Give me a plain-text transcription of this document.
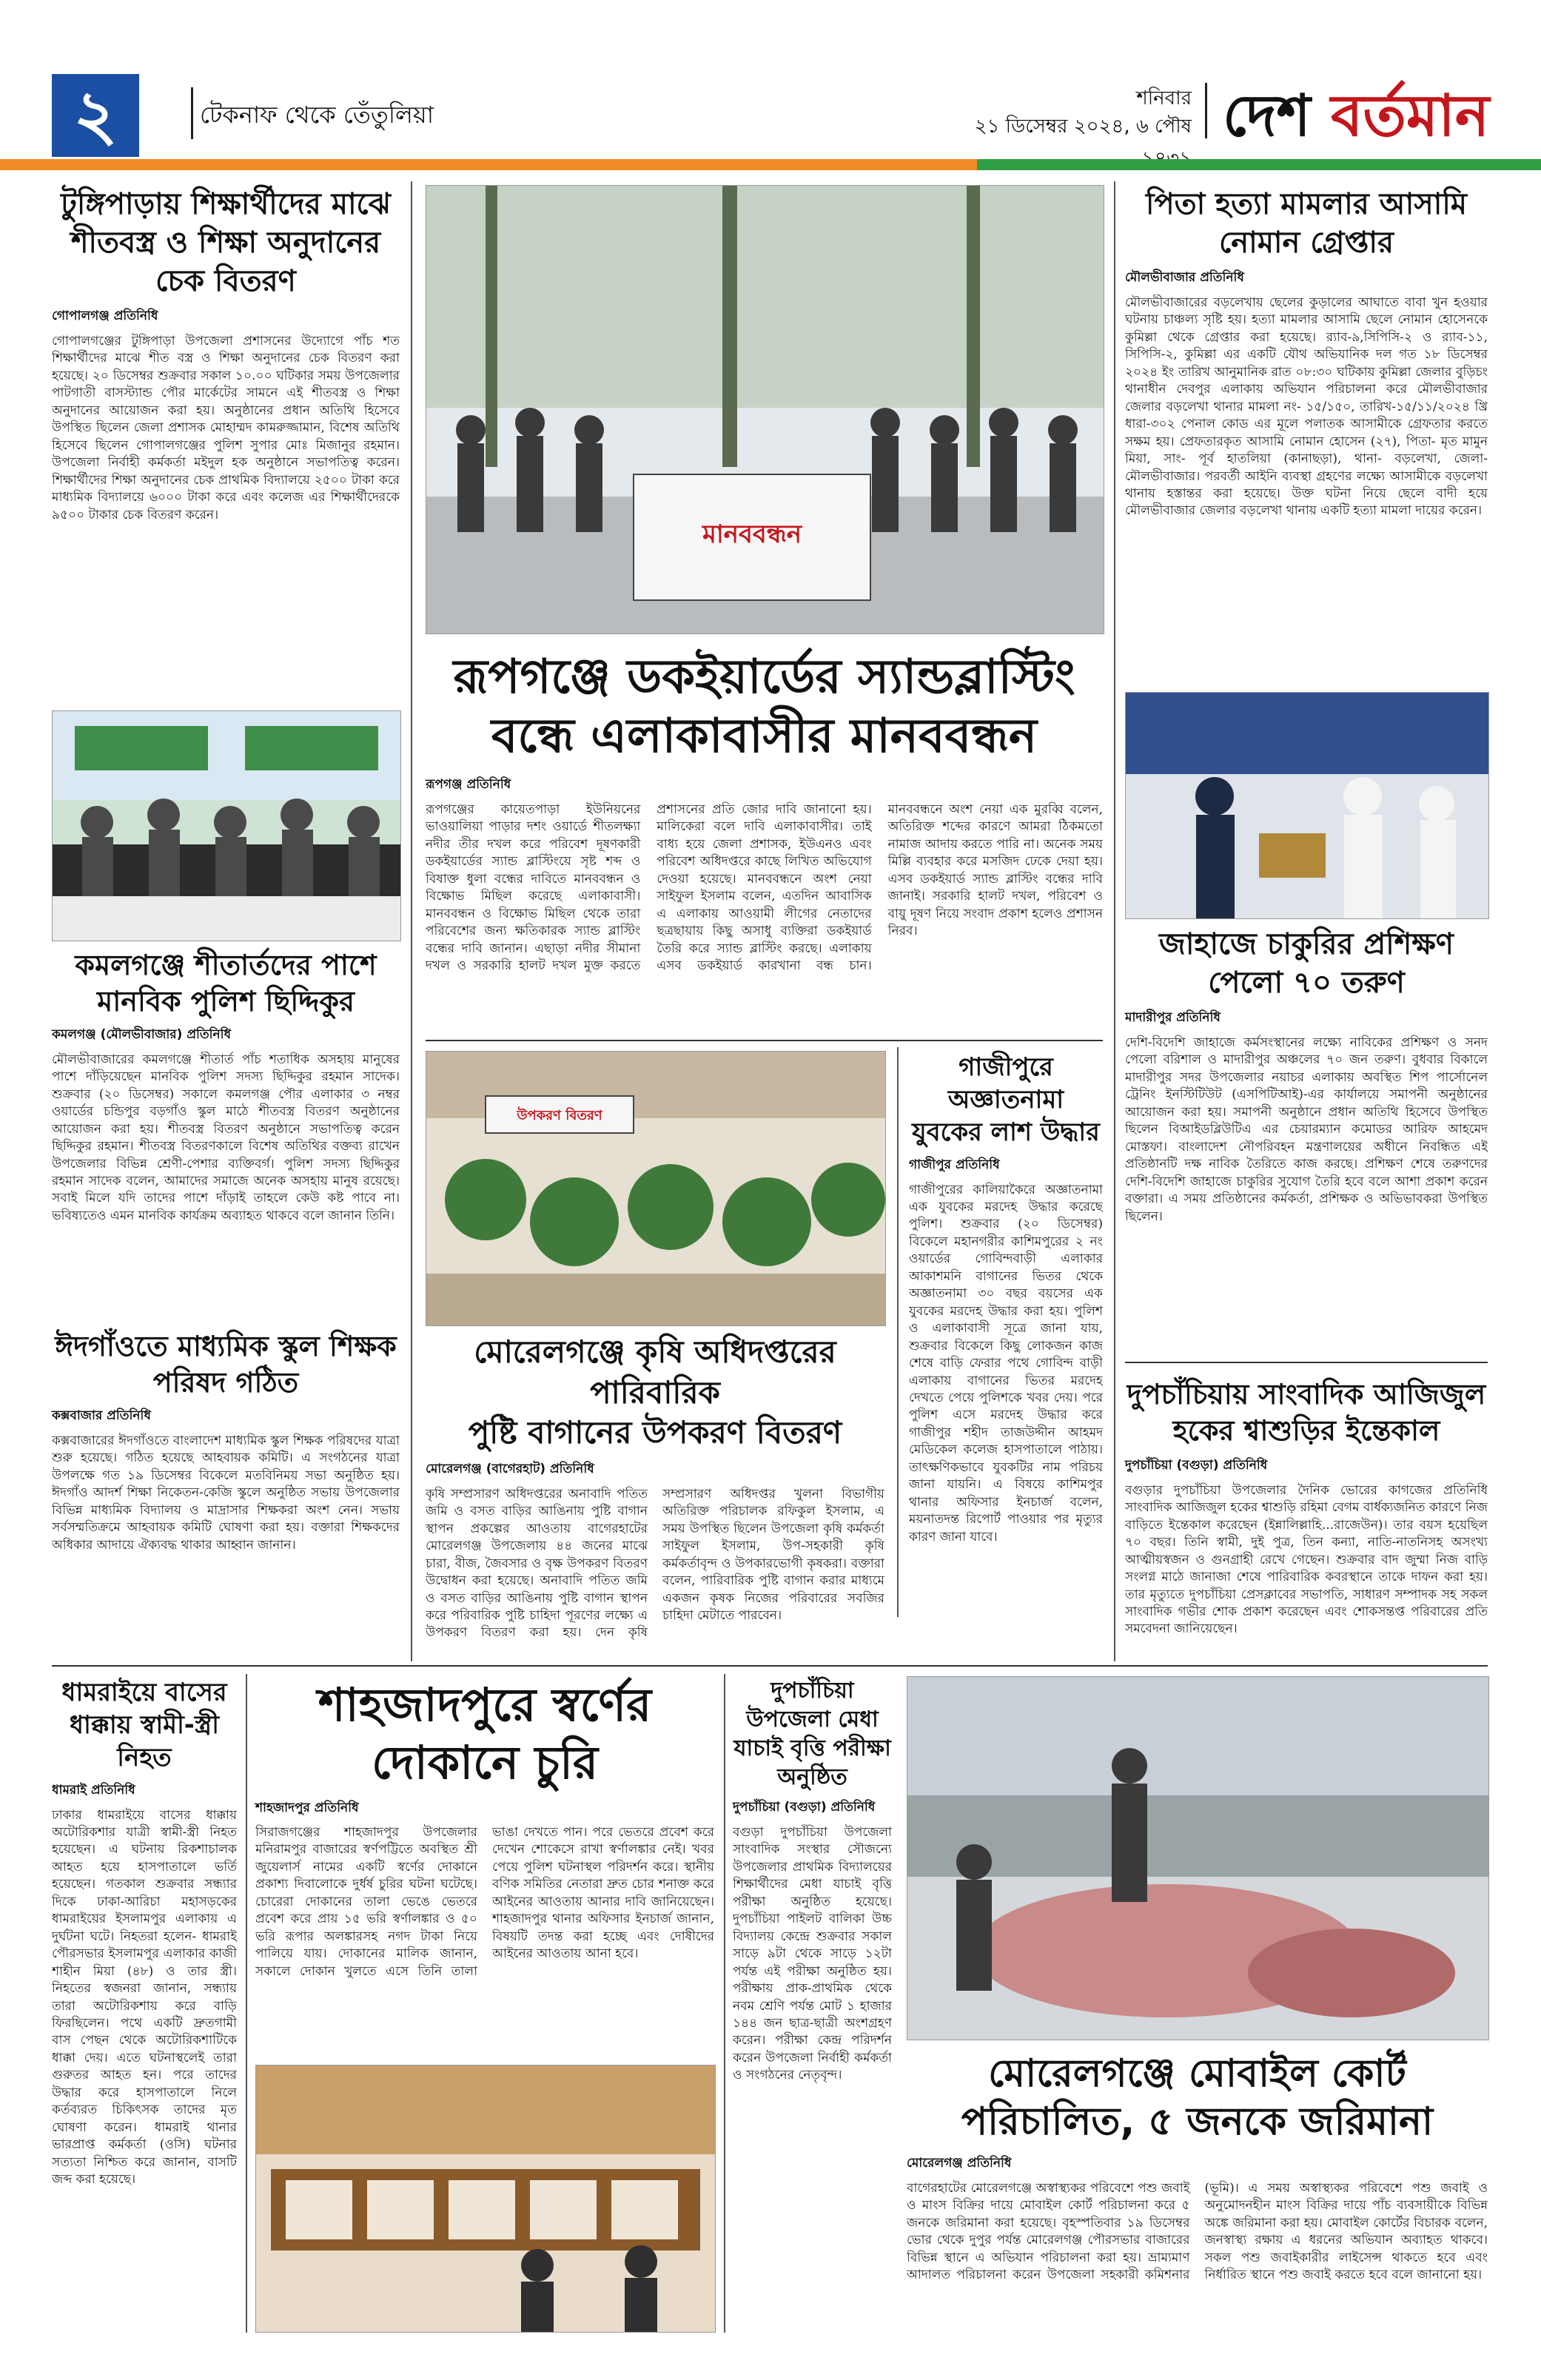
২	টেকনাফ থেকে তেঁতুলিয়া
শনিবার
২১ ডিসেম্বর ২০২৪, ৬ পৌষ দেশ বর্তমান
টুঙ্গিপাড়ায় শিক্ষার্থীদের মাঝে শীতবস্ত্র ও শিক্ষা অনুদানের চেক বিতরণ
গোপালগঞ্জ প্রতিনিধি
গোপালগঞ্জের টুঙ্গিপাড়া উপজেলা প্রশাসনের উদ্যোগে পাঁচ শত শিক্ষার্থীদের মাঝে শীত বস্ত্র ও শিক্ষা অনুদানের চেক বিতরণ করা হয়েছে। ২০ ডিসেম্বর শুক্রবার সকাল ১০.০০ ঘটিকার সময় উপজেলার পাটগাতী বাসস্ট্যান্ড পৌর মার্কেটের সামনে এই শীতবস্ত্র ও শিক্ষা অনুদানের আয়োজন করা হয়। অনুষ্ঠানের প্রধান অতিথি হিসেবে উপস্থিত ছিলেন জেলা প্রশাসক মোহাম্মদ কামরুজ্জামান, বিশেষ অতিথি হিসেবে ছিলেন গোপালগঞ্জের পুলিশ সুপার মোঃ মিজানুর রহমান। উপজেলা নির্বাহী কর্মকর্তা মইদুল হক অনুষ্ঠানে সভাপতিত্ব করেন। শিক্ষার্থীদের শিক্ষা অনুদানের চেক প্রাথমিক বিদ্যালয়ে ২৫০০ টাকা করে মাধ্যমিক বিদ্যালয়ে ৬০০০ টাকা করে এবং কলেজ এর শিক্ষার্থীদেরকে ৯৫০০ টাকার চেক বিতরণ করেন।
কমলগঞ্জে শীতার্তদের পাশে মানবিক পুলিশ ছিদ্দিকুর
কমলগঞ্জ (মৌলভীবাজার) প্রতিনিধি
মৌলভীবাজারের কমলগঞ্জে শীতার্ত পাঁচ শতাধিক অসহায় মানুষের পাশে দাঁড়িয়েছেন মানবিক পুলিশ সদস্য ছিদ্দিকুর রহমান সাদেক। শুক্রবার (২০ ডিসেম্বর) সকালে কমলগঞ্জ পৌর এলাকার ৩ নম্বর ওয়ার্ডের চন্ডিপুর বড়গাঁও স্কুল মাঠে শীতবস্ত্র বিতরণ অনুষ্ঠানের আয়োজন করা হয়। শীতবস্ত্র বিতরণ অনুষ্ঠানে সভাপতিত্ব করেন ছিদ্দিকুর রহমান। শীতবস্ত্র বিতরণকালে বিশেষ অতিথির বক্তব্য রাখেন উপজেলার বিভিন্ন শ্রেণী-পেশার ব্যক্তিবর্গ। পুলিশ সদস্য ছিদ্দিকুর রহমান সাদেক বলেন, আমাদের সমাজে অনেক অসহায় মানুষ রয়েছে। সবাই মিলে যদি তাদের পাশে দাঁড়াই তাহলে কেউ কষ্ট পাবে না। ভবিষ্যতেও এমন মানবিক কার্যক্রম অব্যাহত থাকবে বলে জানান তিনি।
ঈদগাঁওতে মাধ্যমিক স্কুল শিক্ষক পরিষদ গঠিত
কক্সবাজার প্রতিনিধি
কক্সবাজারের ঈদগাঁওতে বাংলাদেশ মাধ্যমিক স্কুল শিক্ষক পরিষদের যাত্রা শুরু হয়েছে। গঠিত হয়েছে আহবায়ক কমিটি। এ সংগঠনের যাত্রা উপলক্ষে গত ১৯ ডিসেম্বর বিকেলে মতবিনিময় সভা অনুষ্ঠিত হয়। ঈদগাঁও আদর্শ শিক্ষা নিকেতন-কেজি স্কুলে অনুষ্ঠিত সভায় উপজেলার বিভিন্ন মাধ্যমিক বিদ্যালয় ও মাদ্রাসার শিক্ষকরা অংশ নেন। সভায় সর্বসম্মতিক্রমে আহবায়ক কমিটি ঘোষণা করা হয়। বক্তারা শিক্ষকদের অধিকার আদায়ে ঐক্যবদ্ধ থাকার আহ্বান জানান।
মানববন্ধন
রূপগঞ্জে ডকইয়ার্ডের স্যান্ডব্লাস্টিং
বন্ধে এলাকাবাসীর মানববন্ধন
রূপগঞ্জ প্রতিনিধি
রূপগঞ্জের কায়েতপাড়া ইউনিয়নের ভাওয়ালিয়া পাড়ার দশং ওয়ার্ডে শীতলক্ষ্যা নদীর তীর দখল করে পরিবেশ দূষণকারী ডকইয়ার্ডের স্যান্ড ব্লাস্টিংয়ে সৃষ্ট শব্দ ও বিষাক্ত ধুলা বন্ধের দাবিতে মানববন্ধন ও বিক্ষোভ মিছিল করেছে এলাকাবাসী। মানববন্ধন ও বিক্ষোভ মিছিল থেকে তারা পরিবেশের জন্য ক্ষতিকারক স্যান্ড ব্লাস্টিং বন্ধের দাবি জানান। এছাড়া নদীর সীমানা দখল ও সরকারি হালট দখল মুক্ত করতে প্রশাসনের প্রতি জোর দাবি জানানো হয়। মালিকেরা বলে দাবি এলাকাবাসীর। তাই বাধ্য হয়ে জেলা প্রশাসক, ইউএনও এবং পরিবেশ অধিদপ্তরে কাছে লিখিত অভিযোগ দেওয়া হয়েছে। মানববন্ধনে অংশ নেয়া সাইফুল ইসলাম বলেন, এতদিন আবাসিক এ এলাকায় আওয়ামী লীগের নেতাদের ছত্রছায়ায় কিছু অসাধু ব্যক্তিরা ডকইয়ার্ড তৈরি করে স্যান্ড ব্লাস্টিং করছে। এলাকায় এসব ডকইয়ার্ড কারখানা বন্ধ চান। মানববন্ধনে অংশ নেয়া এক মুরব্বি বলেন, অতিরিক্ত শব্দের কারণে আমরা ঠিকমতো নামাজ আদায় করতে পারি না। অনেক সময় মিল্লি ব্যবহার করে মসজিদ ঢেকে দেয়া হয়। এসব ডকইয়ার্ড স্যান্ড ব্লাস্টিং বন্ধের দাবি জানাই। সরকারি হালট দখল, পরিবেশ ও বায়ু দূষণ নিয়ে সংবাদ প্রকাশ হলেও প্রশাসন নিরব।
পিতা হত্যা মামলার আসামি নোমান গ্রেপ্তার
মৌলভীবাজার প্রতিনিধি
মৌলভীবাজারের বড়লেখায় ছেলের কুড়ালের আঘাতে বাবা খুন হওয়ার ঘটনায় চাঞ্চল্য সৃষ্টি হয়। হত্যা মামলার আসামি ছেলে নোমান হোসেনকে কুমিল্লা থেকে গ্রেপ্তার করা হয়েছে। র‍্যাব-৯,সিপিসি-২ ও র‍্যাব-১১, সিপিসি-২, কুমিল্লা এর একটি যৌথ অভিযানিক দল গত ১৮ ডিসেম্বর ২০২৪ ইং তারিখ আনুমানিক রাত ০৮:৩০ ঘটিকায় কুমিল্লা জেলার বুড়িচং থানাধীন দেবপুর এলাকায় অভিযান পরিচালনা করে মৌলভীবাজার জেলার বড়লেখা থানার মামলা নং- ১৫/১৫০, তারিখ-১৫/১১/২০২৪ খ্রি ধারা-৩০২ পেনাল কোড এর মূলে পলাতক আসামীকে গ্রেফতার করতে সক্ষম হয়। প্রেফতারকৃত আসামি নোমান হোসেন (২৭), পিতা- মৃত মামুন মিয়া, সাং- পূর্ব হাতলিয়া (কানাছড়া), থানা- বড়লেখা, জেলা- মৌলভীবাজার। পরবর্তী আইনি ব্যবস্থা গ্রহণের লক্ষ্যে আসামীকে বড়লেখা থানায় হস্তান্তর করা হয়েছে। উক্ত ঘটনা নিয়ে ছেলে বাদী হয়ে মৌলভীবাজার জেলার বড়লেখা থানায় একটি হত্যা মামলা দায়ের করেন।
জাহাজে চাকুরির প্রশিক্ষণ পেলো ৭০ তরুণ
মাদারীপুর প্রতিনিধি
দেশি-বিদেশি জাহাজে কর্মসংস্থানের লক্ষ্যে নাবিকের প্রশিক্ষণ ও সনদ পেলো বরিশাল ও মাদারীপুর অঞ্চলের ৭০ জন তরুণ। বুধবার বিকালে মাদারীপুর সদর উপজেলার নয়াচর এলাকায় অবস্থিত শিপ পার্সোনেল ট্রেনিং ইনস্টিটিউট (এসপিটিআই)-এর কার্যালয়ে সমাপনী অনুষ্ঠানের আয়োজন করা হয়। সমাপনী অনুষ্ঠানে প্রধান অতিথি হিসেবে উপস্থিত ছিলেন বিআইডব্লিউটিএ এর চেয়ারম্যান কমোডর আরিফ আহমেদ মোস্তফা। বাংলাদেশ নৌপরিবহন মন্ত্রণালয়ের অধীনে নিবন্ধিত এই প্রতিষ্ঠানটি দক্ষ নাবিক তৈরিতে কাজ করছে। প্রশিক্ষণ শেষে তরুণদের দেশি-বিদেশি জাহাজে চাকুরির সুযোগ তৈরি হবে বলে আশা প্রকাশ করেন বক্তারা। এ সময় প্রতিষ্ঠানের কর্মকর্তা, প্রশিক্ষক ও অভিভাবকরা উপস্থিত ছিলেন।
দুপচাঁচিয়ায় সাংবাদিক আজিজুল হকের শ্বাশুড়ির ইন্তেকাল
দুপচাঁচিয়া (বগুড়া) প্রতিনিধি
বগুড়ার দুপচাঁচিয়া উপজেলার দৈনিক ভোরের কাগজের প্রতিনিধি সাংবাদিক আজিজুল হকের শ্বাশুড়ি রহিমা বেগম বার্ধক্যজনিত কারণে নিজ বাড়িতে ইন্তেকাল করেছেন (ইন্নালিল্লাহি...রাজেউন)। তার বয়স হয়েছিল ৭০ বছর। তিনি স্বামী, দুই পুত্র, তিন কন্যা, নাতি-নাতনিসহ অসংখ্য আত্মীয়স্বজন ও গুনগ্রাহী রেখে গেছেন। শুক্রবার বাদ জুম্মা নিজ বাড়ি সংলগ্ন মাঠে জানাজা শেষে পারিবারিক কবরস্থানে তাকে দাফন করা হয়। তার মৃত্যুতে দুপচাঁচিয়া প্রেসক্লাবের সভাপতি, সাধারণ সম্পাদক সহ সকল সাংবাদিক গভীর শোক প্রকাশ করেছেন এবং শোকসন্তপ্ত পরিবারের প্রতি সমবেদনা জানিয়েছেন।
উপকরণ বিতরণ
গাজীপুরে অজ্ঞাতনামা যুবকের লাশ উদ্ধার
গাজীপুর প্রতিনিধি
গাজীপুরের কালিয়াকৈরে অজ্ঞাতনামা এক যুবকের মরদেহ উদ্ধার করেছে পুলিশ। শুক্রবার (২০ ডিসেম্বর) বিকেলে মহানগরীর কাশিমপুরের ২ নং ওয়ার্ডের গোবিন্দবাড়ী এলাকার আকাশমনি বাগানের ভিতর থেকে অজ্ঞাতনামা ৩০ বছর বয়সের এক যুবকের মরদেহ উদ্ধার করা হয়। পুলিশ ও এলাকাবাসী সূত্রে জানা যায়, শুক্রবার বিকেলে কিছু লোকজন কাজ শেষে বাড়ি ফেরার পথে গোবিন্দ বাড়ী এলাকায় বাগানের ভিতর মরদেহ দেখতে পেয়ে পুলিশকে খবর দেয়। পরে পুলিশ এসে মরদেহ উদ্ধার করে গাজীপুর শহীদ তাজউদ্দীন আহমদ মেডিকেল কলেজ হাসপাতালে পাঠায়। তাৎক্ষণিকভাবে যুবকটির নাম পরিচয় জানা যায়নি। এ বিষয়ে কাশিমপুর থানার অফিসার ইনচার্জ বলেন, ময়নাতদন্ত রিপোর্ট পাওয়ার পর মৃত্যুর কারণ জানা যাবে।
মোরেলগঞ্জে কৃষি অধিদপ্তরের পারিবারিক
পুষ্টি বাগানের উপকরণ বিতরণ
মোরেলগঞ্জ (বাগেরহাট) প্রতিনিধি
কৃষি সম্প্রসারণ অধিদপ্তরের অনাবাদি পতিত জমি ও বসত বাড়ির আঙিনায় পুষ্টি বাগান স্থাপন প্রকল্পের আওতায় বাগেরহাটের মোরেলগঞ্জ উপজেলায় ৪৪ জনের মাঝে চারা, বীজ, জৈবসার ও বৃক্ষ উপকরণ বিতরণ উদ্বোধন করা হয়েছে। অনাবাদি পতিত জমি ও বসত বাড়ির আঙিনায় পুষ্টি বাগান স্থাপন করে পরিবারিক পুষ্টি চাহিদা পূরণের লক্ষ্যে এ উপকরণ বিতরণ করা হয়। দেন কৃষি সম্প্রসারণ অধিদপ্তর খুলনা বিভাগীয় অতিরিক্ত পরিচালক রফিকুল ইসলাম, এ সময় উপস্থিত ছিলেন উপজেলা কৃষি কর্মকর্তা সাইফুল ইসলাম, উপ-সহকারী কৃষি কর্মকর্তাবৃন্দ ও উপকারভোগী কৃষকরা। বক্তারা বলেন, পারিবারিক পুষ্টি বাগান করার মাধ্যমে একজন কৃষক নিজের পরিবারের সবজির চাহিদা মেটাতে পারবেন।
ধামরাইয়ে বাসের ধাক্কায় স্বামী-স্ত্রী নিহত
ধামরাই প্রতিনিধি
ঢাকার ধামরাইয়ে বাসের ধাক্কায় অটোরিকশার যাত্রী স্বামী-স্ত্রী নিহত হয়েছেন। এ ঘটনায় রিকশাচালক আহত হয়ে হাসপাতালে ভর্তি হয়েছেন। গতকাল শুক্রবার সন্ধ্যার দিকে ঢাকা-আরিচা মহাসড়কের ধামরাইয়ের ইসলামপুর এলাকায় এ দুর্ঘটনা ঘটে। নিহতরা হলেন- ধামরাই পৌরসভার ইসলামপুর এলাকার কাজী শাহীন মিয়া (৪৮) ও তার স্ত্রী। নিহতের স্বজনরা জানান, সন্ধ্যায় তারা অটোরিকশায় করে বাড়ি ফিরছিলেন। পথে একটি দ্রুতগামী বাস পেছন থেকে অটোরিকশাটিকে ধাক্কা দেয়। এতে ঘটনাস্থলেই তারা গুরুতর আহত হন। পরে তাদের উদ্ধার করে হাসপাতালে নিলে কর্তব্যরত চিকিৎসক তাদের মৃত ঘোষণা করেন। ধামরাই থানার ভারপ্রাপ্ত কর্মকর্তা (ওসি) ঘটনার সত্যতা নিশ্চিত করে জানান, বাসটি জব্দ করা হয়েছে।
শাহজাদপুরে স্বর্ণের দোকানে চুরি
শাহজাদপুর প্রতিনিধি
সিরাজগঞ্জের শাহজাদপুর উপজেলার মনিরামপুর বাজারের স্বর্ণপট্টিতে অবস্থিত শ্রী জুয়েলার্স নামের একটি স্বর্ণের দোকানে প্রকাশ্য দিবালোকে দুর্ধর্ষ চুরির ঘটনা ঘটেছে। চোরেরা দোকানের তালা ভেঙে ভেতরে প্রবেশ করে প্রায় ১৫ ভরি স্বর্ণালঙ্কার ও ৫০ ভরি রূপার অলঙ্কারসহ নগদ টাকা নিয়ে পালিয়ে যায়। দোকানের মালিক জানান, সকালে দোকান খুলতে এসে তিনি তালা ভাঙা দেখতে পান। পরে ভেতরে প্রবেশ করে দেখেন শোকেসে রাখা স্বর্ণালঙ্কার নেই। খবর পেয়ে পুলিশ ঘটনাস্থল পরিদর্শন করে। স্থানীয় বণিক সমিতির নেতারা দ্রুত চোর শনাক্ত করে আইনের আওতায় আনার দাবি জানিয়েছেন। শাহজাদপুর থানার অফিসার ইনচার্জ জানান, বিষয়টি তদন্ত করা হচ্ছে এবং দোষীদের আইনের আওতায় আনা হবে।
দুপচাঁচিয়া উপজেলা মেধা যাচাই বৃত্তি পরীক্ষা অনুষ্ঠিত
দুপচাঁচিয়া (বগুড়া) প্রতিনিধি
বগুড়া দুপচাঁচিয়া উপজেলা সাংবাদিক সংস্থার সৌজন্যে উপজেলার প্রাথমিক বিদ্যালয়ের শিক্ষার্থীদের মেধা যাচাই বৃত্তি পরীক্ষা অনুষ্ঠিত হয়েছে। দুপচাঁচিয়া পাইলট বালিকা উচ্চ বিদ্যালয় কেন্দ্রে শুক্রবার সকাল সাড়ে ৯টা থেকে সাড়ে ১২টা পর্যন্ত এই পরীক্ষা অনুষ্ঠিত হয়। পরীক্ষায় প্রাক-প্রাথমিক থেকে নবম শ্রেণি পর্যন্ত মোট ১ হাজার ১৪৪ জন ছাত্র-ছাত্রী অংশগ্রহণ করেন। পরীক্ষা কেন্দ্র পরিদর্শন করেন উপজেলা নির্বাহী কর্মকর্তা ও সংগঠনের নেতৃবৃন্দ।	মোরেলগঞ্জে মোবাইল কোর্ট পরিচালিত, ৫ জনকে জরিমানা
মোরেলগঞ্জ প্রতিনিধি
বাগেরহাটের মোরেলগঞ্জে অস্বাস্থ্যকর পরিবেশে পশু জবাই ও মাংস বিক্রির দায়ে মোবাইল কোর্ট পরিচালনা করে ৫ জনকে জরিমানা করা হয়েছে। বৃহস্পতিবার ১৯ ডিসেম্বর ভোর থেকে দুপুর পর্যন্ত মোরেলগঞ্জ পৌরসভার বাজারের বিভিন্ন স্থানে এ অভিযান পরিচালনা করা হয়। ভ্রাম্যমাণ আদালত পরিচালনা করেন উপজেলা সহকারী কমিশনার (ভূমি)। এ সময় অস্বাস্থ্যকর পরিবেশে পশু জবাই ও অনুমোদনহীন মাংস বিক্রির দায়ে পাঁচ ব্যবসায়ীকে বিভিন্ন অঙ্কে জরিমানা করা হয়। মোবাইল কোর্টের বিচারক বলেন, জনস্বাস্থ্য রক্ষায় এ ধরনের অভিযান অব্যাহত থাকবে। সকল পশু জবাইকারীর লাইসেন্স থাকতে হবে এবং নির্ধারিত স্থানে পশু জবাই করতে হবে বলে জানানো হয়।
